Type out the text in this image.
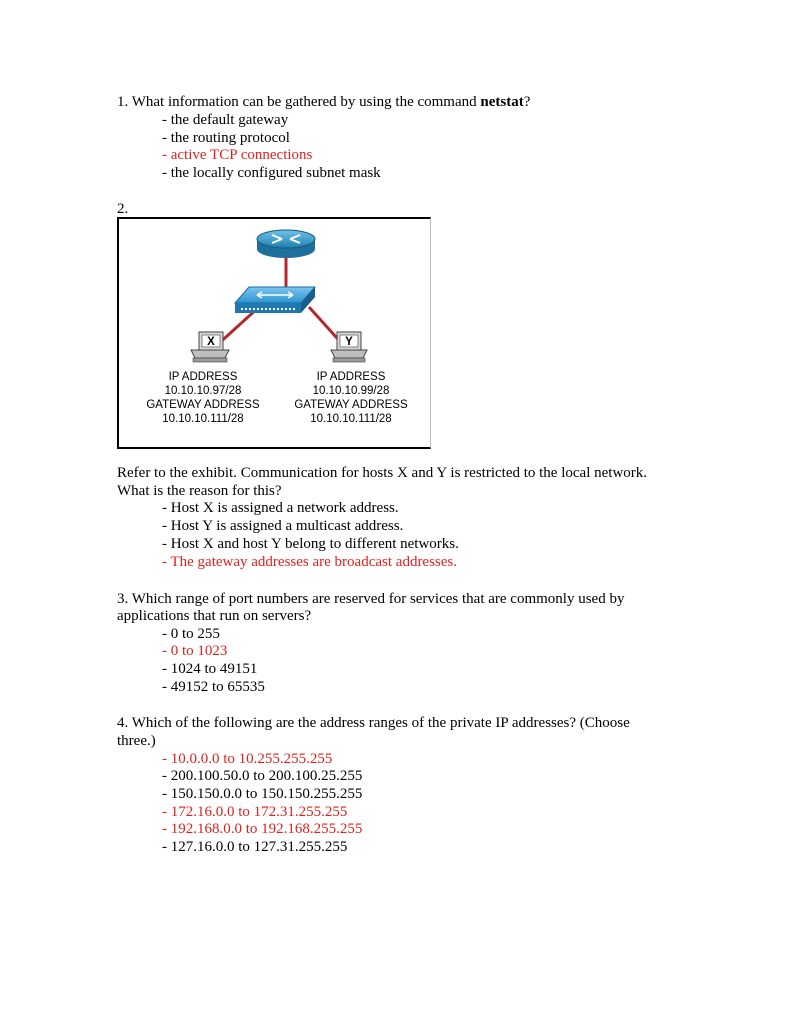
1. What information can be gathered by using the command netstat?
- the default gateway
- the routing protocol
- active TCP connections
- the locally configured subnet mask
2.
X	Y
IP ADDRESS
10.10.10.97/28
GATEWAY ADDRESS
10.10.10.111/28
IP ADDRESS
10.10.10.99/28
GATEWAY ADDRESS
10.10.10.111/28
Refer to the exhibit. Communication for hosts X and Y is restricted to the local network.
What is the reason for this?
- Host X is assigned a network address.
- Host Y is assigned a multicast address.
- Host X and host Y belong to different networks.
- The gateway addresses are broadcast addresses.
3. Which range of port numbers are reserved for services that are commonly used by
applications that run on servers?
- 0 to 255
- 0 to 1023
- 1024 to 49151
- 49152 to 65535
4. Which of the following are the address ranges of the private IP addresses? (Choose
three.)
- 10.0.0.0 to 10.255.255.255
- 200.100.50.0 to 200.100.25.255
- 150.150.0.0 to 150.150.255.255
- 172.16.0.0 to 172.31.255.255
- 192.168.0.0 to 192.168.255.255
- 127.16.0.0 to 127.31.255.255
